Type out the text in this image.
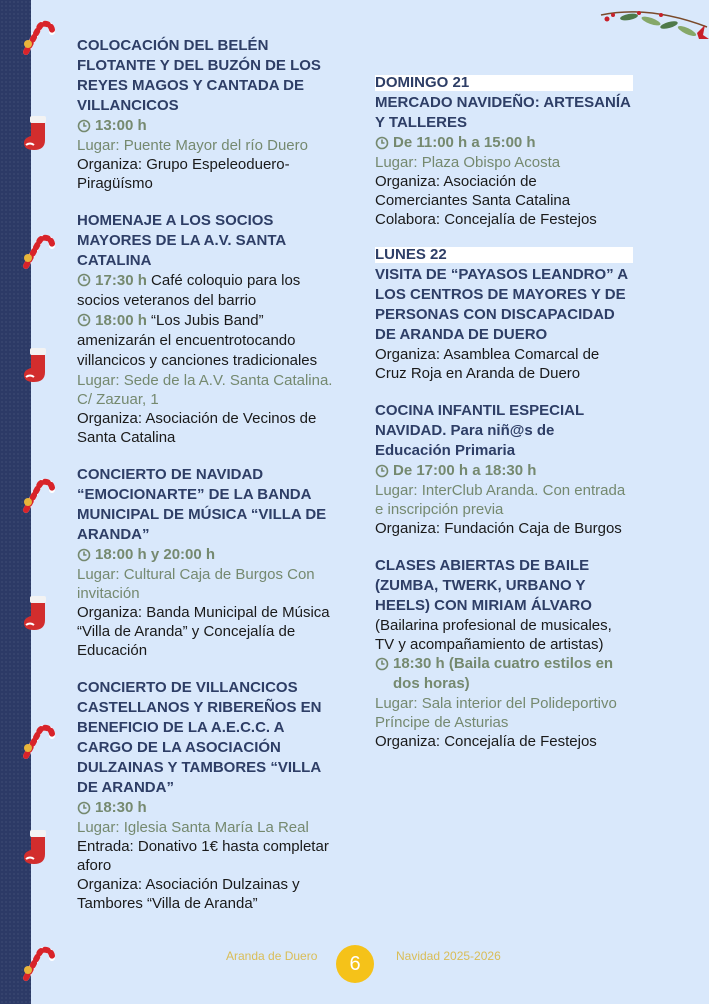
COLOCACIÓN DEL BELÉN FLOTANTE Y DEL BUZÓN DE LOS REYES MAGOS Y CANTADA DE VILLANCICOS
13:00 h
Lugar: Puente Mayor del río Duero
Organiza: Grupo Espeleoduero-Piragüísmo
HOMENAJE A LOS SOCIOS MAYORES DE LA A.V. SANTA CATALINA
17:30 h Café coloquio para los socios veteranos del barrio
18:00 h “Los Jubis Band” amenizarán el encuentrotocando villancicos y canciones tradicionales
Lugar: Sede de la A.V. Santa Catalina. C/ Zazuar, 1
Organiza: Asociación de Vecinos de Santa Catalina
CONCIERTO DE NAVIDAD “EMOCIONARTE” DE LA BANDA MUNICIPAL DE MÚSICA “VILLA DE ARANDA”
18:00 h y 20:00 h
Lugar: Cultural Caja de Burgos Con invitación
Organiza: Banda Municipal de Música “Villa de Aranda” y Concejalía de Educación
CONCIERTO DE VILLANCICOS CASTELLANOS Y RIBEREÑOS EN BENEFICIO DE LA A.E.C.C. A CARGO DE LA ASOCIACIÓN DULZAINAS Y TAMBORES “VILLA DE ARANDA”
18:30 h
Lugar: Iglesia Santa María La Real
Entrada: Donativo 1€ hasta completar aforo
Organiza: Asociación Dulzainas y Tambores “Villa de Aranda”
DOMINGO 21
MERCADO NAVIDEÑO: ARTESANÍA Y TALLERES
De 11:00 h a 15:00 h
Lugar: Plaza Obispo Acosta
Organiza: Asociación de Comerciantes Santa Catalina
Colabora: Concejalía de Festejos
LUNES 22
VISITA DE “PAYASOS LEANDRO” A LOS CENTROS DE MAYORES Y DE PERSONAS CON DISCAPACIDAD DE ARANDA DE DUERO
Organiza: Asamblea Comarcal de Cruz Roja en Aranda de Duero
COCINA INFANTIL ESPECIAL NAVIDAD. Para niñ@s de Educación Primaria
De 17:00 h a 18:30 h
Lugar: InterClub Aranda. Con entrada e inscripción previa
Organiza: Fundación Caja de Burgos
CLASES ABIERTAS DE BAILE (ZUMBA, TWERK, URBANO Y HEELS) CON MIRIAM ÁLVARO
(Bailarina profesional de musicales, TV y acompañamiento de artistas)
18:30 h (Baila cuatro estilos en dos horas)
Lugar: Sala interior del Polideportivo Príncipe de Asturias
Organiza: Concejalía de Festejos
Aranda de Duero	6	Navidad 2025-2026
